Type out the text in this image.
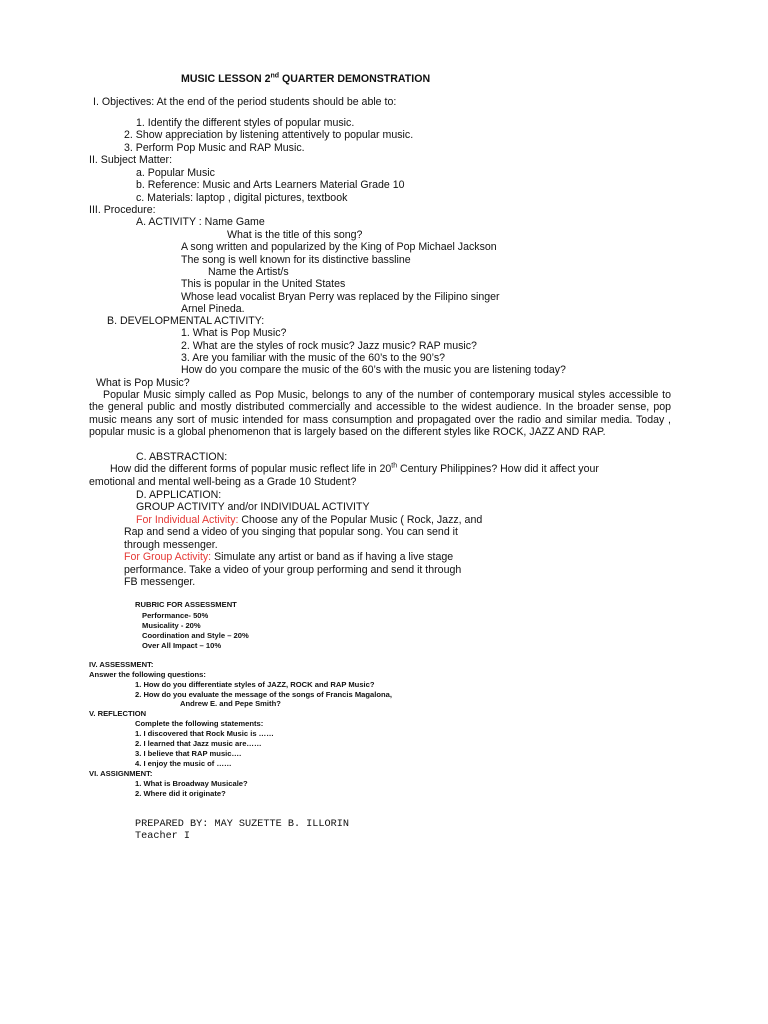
MUSIC LESSON 2nd QUARTER DEMONSTRATION
I. Objectives: At the end of the period students should be able to:
1. Identify the different styles of popular music.
2. Show appreciation by listening attentively to popular music.
3. Perform Pop Music and RAP Music.
II. Subject Matter:
a. Popular Music
b. Reference: Music and Arts Learners Material Grade 10
c. Materials: laptop , digital pictures, textbook
III. Procedure:
A. ACTIVITY : Name Game
What is the title of this song?
A song written and popularized by the King of Pop Michael Jackson
The song is well known for its distinctive bassline
Name the Artist/s
This is popular in the United States
Whose lead vocalist Bryan Perry was replaced by the Filipino singer
Arnel Pineda.
B. DEVELOPMENTAL ACTIVITY:
1. What is Pop Music?
2. What are the styles of rock music? Jazz music? RAP music?
3. Are you familiar with the music of the 60’s to the 90’s?
How do you compare the music of the 60’s with the music you are listening today?
What is Pop Music?
Popular Music simply called as Pop Music, belongs to any of the number of contemporary musical styles accessible to the general public and mostly distributed commercially and accessible to the widest audience. In the broader sense, pop music means any sort of music intended for mass consumption and propagated over the radio and similar media. Today , popular music is a global phenomenon that is largely based on the different styles like ROCK, JAZZ AND RAP.
C. ABSTRACTION:
How did the different forms of popular music reflect life in 20th Century Philippines? How did it affect your
emotional and mental well-being as a Grade 10 Student?
D. APPLICATION:
GROUP ACTIVITY and/or INDIVIDUAL ACTIVITY
For Individual Activity: Choose any of the Popular Music ( Rock, Jazz, and
Rap and send a video of you singing that popular song. You can send it
through messenger.
For Group Activity: Simulate any artist or band as if having a live stage
performance. Take a video of your group performing and send it through
FB messenger.
RUBRIC FOR ASSESSMENT
Performance- 50%
Musicality - 20%
Coordination and Style – 20%
Over All Impact – 10%
IV. ASSESSMENT:
Answer the following questions:
1. How do you differentiate styles of JAZZ, ROCK and RAP Music?
2. How do you evaluate the message of the songs of Francis Magalona,
Andrew E. and Pepe Smith?
V. REFLECTION
Complete the following statements:
1. I discovered that Rock Music is ……
2. I learned that Jazz music are……
3. I believe that RAP music….
4. I enjoy the music of ……
VI. ASSIGNMENT:
1. What is Broadway Musicale?
2. Where did it originate?
PREPARED BY: MAY SUZETTE B. ILLORIN
Teacher I
